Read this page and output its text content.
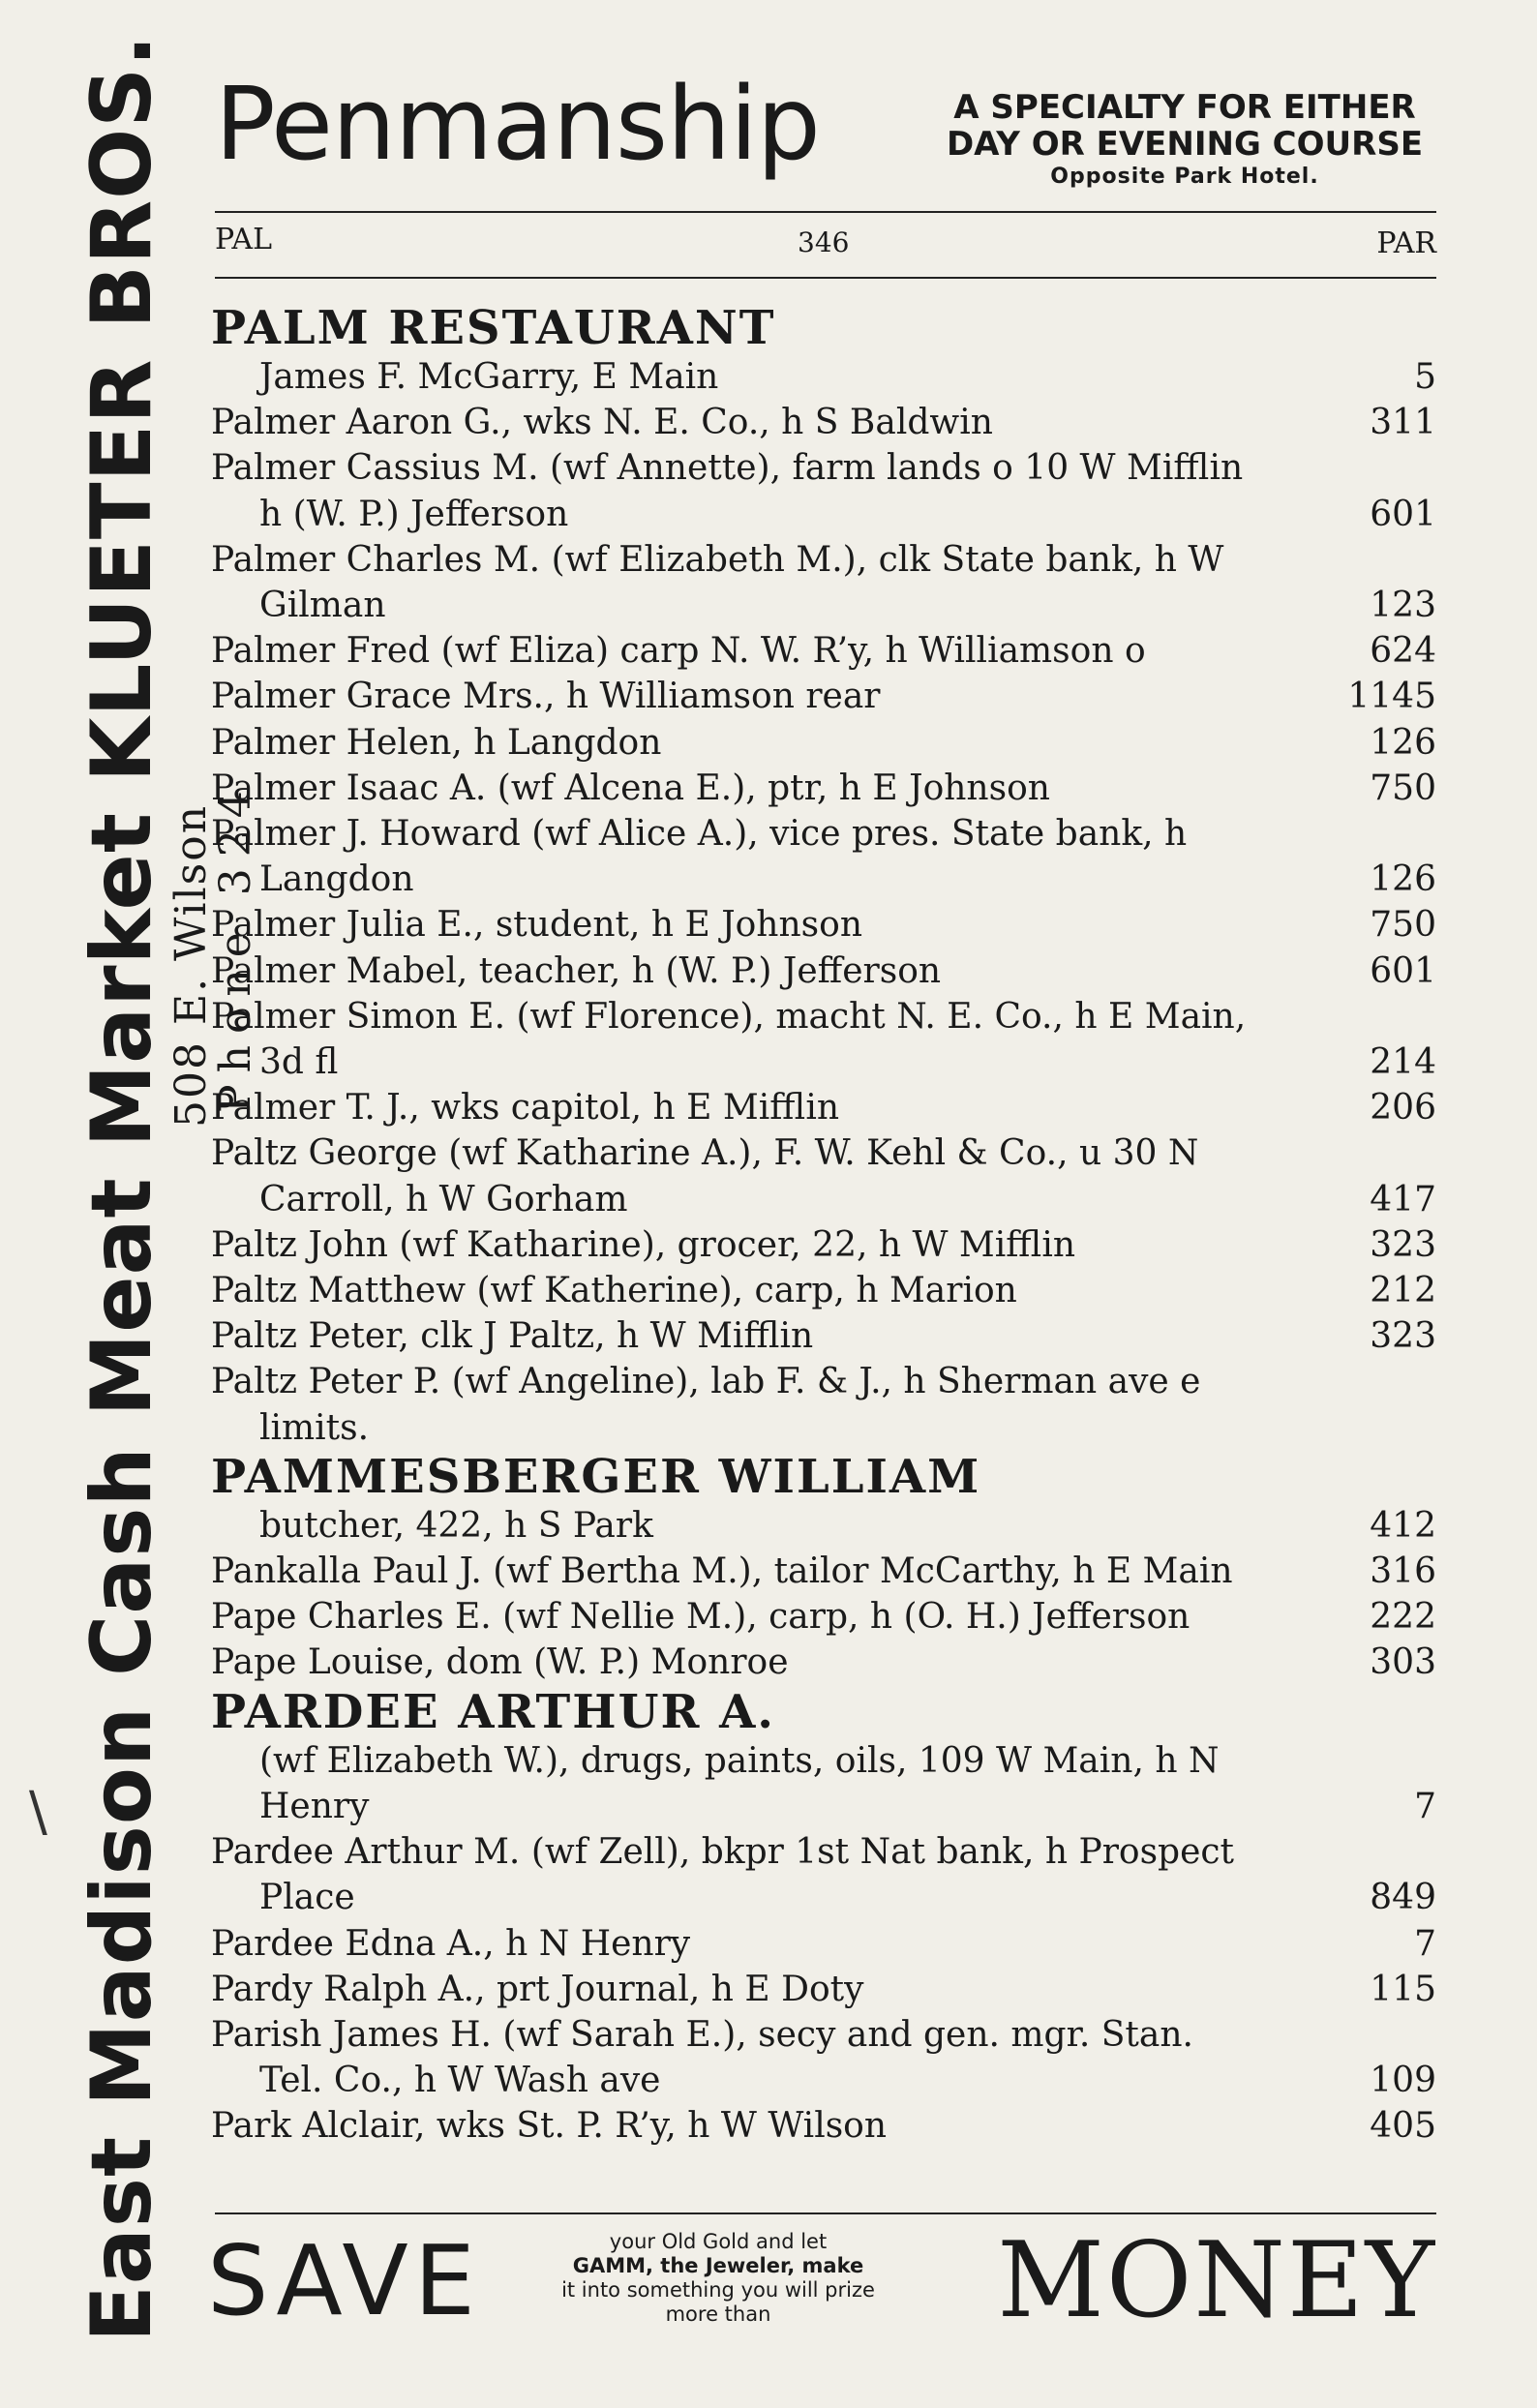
East Madison Cash Meat Market KLUETER BROS.
508 E. Wilson
Phone 324
\
Penmanship	A SPECIALTY FOR EITHER
DAY OR EVENING COURSE
Opposite Park Hotel.
PAL	346	PAR
PALM RESTAURANT
James F. McGarry, E Main	5
Palmer Aaron G., wks N. E. Co., h S Baldwin	311
Palmer Cassius M. (wf Annette), farm lands o 10 W Mifflin
h (W. P.) Jefferson	601
Palmer Charles M. (wf Elizabeth M.), clk State bank, h W
Gilman	123
Palmer Fred (wf Eliza) carp N. W. R’y, h Williamson o	624
Palmer Grace Mrs., h Williamson rear	1145
Palmer Helen, h Langdon	126
Palmer Isaac A. (wf Alcena E.), ptr, h E Johnson	750
Palmer J. Howard (wf Alice A.), vice pres. State bank, h
Langdon	126
Palmer Julia E., student, h E Johnson	750
Palmer Mabel, teacher, h (W. P.) Jefferson	601
Palmer Simon E. (wf Florence), macht N. E. Co., h E Main,
3d fl	214
Palmer T. J., wks capitol, h E Mifflin	206
Paltz George (wf Katharine A.), F. W. Kehl & Co., u 30 N
Carroll, h W Gorham	417
Paltz John (wf Katharine), grocer, 22, h W Mifflin	323
Paltz Matthew (wf Katherine), carp, h Marion	212
Paltz Peter, clk J Paltz, h W Mifflin	323
Paltz Peter P. (wf Angeline), lab F. & J., h Sherman ave e
limits.
PAMMESBERGER WILLIAM
butcher, 422, h S Park	412
Pankalla Paul J. (wf Bertha M.), tailor McCarthy, h E Main	316
Pape Charles E. (wf Nellie M.), carp, h (O. H.) Jefferson	222
Pape Louise, dom (W. P.) Monroe	303
PARDEE ARTHUR A.
(wf Elizabeth W.), drugs, paints, oils, 109 W Main, h N
Henry	7
Pardee Arthur M. (wf Zell), bkpr 1st Nat bank, h Prospect
Place	849
Pardee Edna A., h N Henry	7
Pardy Ralph A., prt Journal, h E Doty	115
Parish James H. (wf Sarah E.), secy and gen. mgr. Stan.
Tel. Co., h W Wash ave	109
Park Alclair, wks St. P. R’y, h W Wilson	405
SAVE	your Old Gold and let
GAMM, the Jeweler, make
it into something you will prize
more than	MONEY
